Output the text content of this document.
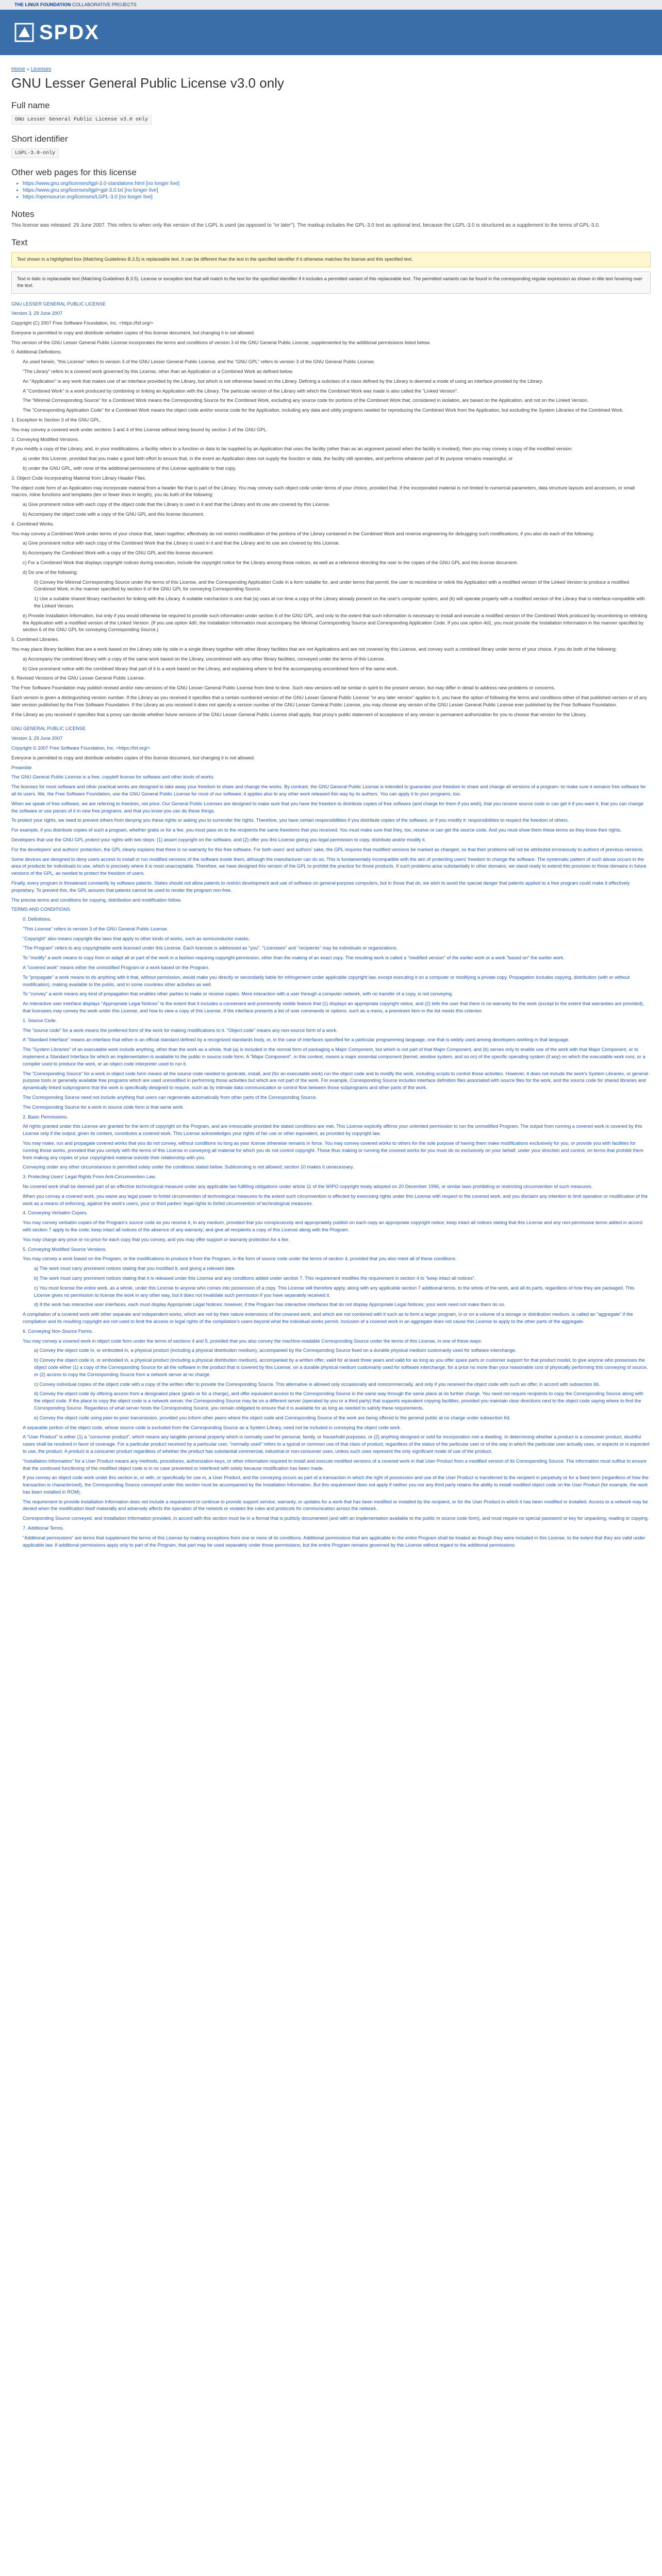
THE LINUX FOUNDATION COLLABORATIVE PROJECTS
SPDX
Home » Licenses
GNU Lesser General Public License v3.0 only
Full name
GNU Lesser General Public License v3.0 only
Short identifier
LGPL-3.0-only
Other web pages for this license
• https://www.gnu.org/licenses/lgpl-3.0-standalone.html [no longer live]
• https://www.gnu.org/licenses/lgpl+gpl-3.0.txt [no longer live]
• https://opensource.org/licenses/LGPL-3.0 [no longer live]
Notes
This license was released: 29 June 2007. This refers to when only this version of the LGPL is used (as opposed to "or later"). The markup includes the GPL-3.0 text as optional text, because the LGPL-3.0 is structured as a supplement to the terms of GPL-3.0.
Text
Text shown in a highlighted box (Matching Guidelines B.3.5) is replaceable text. It can be different than the text in the specified identifier if it otherwise matches the license and this specified text.
Text in italic is replaceable text (Matching Guidelines B.3.5). License or exception text that will match to the text for the specified identifier if it includes a permitted variant of this replaceable text. The permitted variants can be found in the corresponding regular expression as shown in title text hovering over the text.

GNU LESSER GENERAL PUBLIC LICENSE

Version 3, 29 June 2007

Copyright (C) 2007 Free Software Foundation, Inc. <https://fsf.org/>

Everyone is permitted to copy and distribute verbatim copies of this license document, but changing it is not allowed.

This version of the GNU Lesser General Public License incorporates the terms and conditions of version 3 of the GNU General Public License, supplemented by the additional permissions listed below.

0. Additional Definitions.

As used herein, "this License" refers to version 3 of the GNU Lesser General Public License, and the "GNU GPL" refers to version 3 of the GNU General Public License.

"The Library" refers to a covered work governed by this License, other than an Application or a Combined Work as defined below.

An "Application" is any work that makes use of an interface provided by the Library, but which is not otherwise based on the Library. Defining a subclass of a class defined by the Library is deemed a mode of using an interface provided by the Library.

A "Combined Work" is a work produced by combining or linking an Application with the Library. The particular version of the Library with which the Combined Work was made is also called the "Linked Version".

The "Minimal Corresponding Source" for a Combined Work means the Corresponding Source for the Combined Work, excluding any source code for portions of the Combined Work that, considered in isolation, are based on the Application, and not on the Linked Version.

The "Corresponding Application Code" for a Combined Work means the object code and/or source code for the Application, including any data and utility programs needed for reproducing the Combined Work from the Application, but excluding the System Libraries of the Combined Work.

1. Exception to Section 3 of the GNU GPL.

You may convey a covered work under sections 3 and 4 of this License without being bound by section 3 of the GNU GPL.

2. Conveying Modified Versions.

If you modify a copy of the Library, and, in your modifications, a facility refers to a function or data to be supplied by an Application that uses the facility (other than as an argument passed when the facility is invoked), then you may convey a copy of the modified version:

a) under this License, provided that you make a good faith effort to ensure that, in the event an Application does not supply the function or data, the facility still operates, and performs whatever part of its purpose remains meaningful, or

b) under the GNU GPL, with none of the additional permissions of this License applicable to that copy.

3. Object Code Incorporating Material from Library Header Files.

The object code form of an Application may incorporate material from a header file that is part of the Library. You may convey such object code under terms of your choice, provided that, if the incorporated material is not limited to numerical parameters, data structure layouts and accessors, or small macros, inline functions and templates (ten or fewer lines in length), you do both of the following:

a) Give prominent notice with each copy of the object code that the Library is used in it and that the Library and its use are covered by this License.

b) Accompany the object code with a copy of the GNU GPL and this license document.

4. Combined Works.

You may convey a Combined Work under terms of your choice that, taken together, effectively do not restrict modification of the portions of the Library contained in the Combined Work and reverse engineering for debugging such modifications, if you also do each of the following:

a) Give prominent notice with each copy of the Combined Work that the Library is used in it and that the Library and its use are covered by this License.

b) Accompany the Combined Work with a copy of the GNU GPL and this license document.

c) For a Combined Work that displays copyright notices during execution, include the copyright notice for the Library among these notices, as well as a reference directing the user to the copies of the GNU GPL and this license document.

d) Do one of the following:

0) Convey the Minimal Corresponding Source under the terms of this License, and the Corresponding Application Code in a form suitable for, and under terms that permit, the user to recombine or relink the Application with a modified version of the Linked Version to produce a modified Combined Work, in the manner specified by section 6 of the GNU GPL for conveying Corresponding Source.

1) Use a suitable shared library mechanism for linking with the Library. A suitable mechanism is one that (a) uses at run time a copy of the Library already present on the user's computer system, and (b) will operate properly with a modified version of the Library that is interface-compatible with the Linked Version.

e) Provide Installation Information, but only if you would otherwise be required to provide such information under section 6 of the GNU GPL, and only to the extent that such information is necessary to install and execute a modified version of the Combined Work produced by recombining or relinking the Application with a modified version of the Linked Version. (If you use option 4d0, the Installation Information must accompany the Minimal Corresponding Source and Corresponding Application Code. If you use option 4d1, you must provide the Installation Information in the manner specified by section 6 of the GNU GPL for conveying Corresponding Source.)

5. Combined Libraries.

You may place library facilities that are a work based on the Library side by side in a single library together with other library facilities that are not Applications and are not covered by this License, and convey such a combined library under terms of your choice, if you do both of the following:

a) Accompany the combined library with a copy of the same work based on the Library, uncombined with any other library facilities, conveyed under the terms of this License.

b) Give prominent notice with the combined library that part of it is a work based on the Library, and explaining where to find the accompanying uncombined form of the same work.

6. Revised Versions of the GNU Lesser General Public License.

The Free Software Foundation may publish revised and/or new versions of the GNU Lesser General Public License from time to time. Such new versions will be similar in spirit to the present version, but may differ in detail to address new problems or concerns.

Each version is given a distinguishing version number. If the Library as you received it specifies that a certain numbered version of the GNU Lesser General Public License "or any later version" applies to it, you have the option of following the terms and conditions either of that published version or of any later version published by the Free Software Foundation. If the Library as you received it does not specify a version number of the GNU Lesser General Public License, you may choose any version of the GNU Lesser General Public License ever published by the Free Software Foundation.

If the Library as you received it specifies that a proxy can decide whether future versions of the GNU Lesser General Public License shall apply, that proxy's public statement of acceptance of any version is permanent authorization for you to choose that version for the Library.

GNU GENERAL PUBLIC LICENSE

Version 3, 29 June 2007

Copyright © 2007 Free Software Foundation, Inc. <https://fsf.org/>

Everyone is permitted to copy and distribute verbatim copies of this license document, but changing it is not allowed.

Preamble

The GNU General Public License is a free, copyleft license for software and other kinds of works.

The licenses for most software and other practical works are designed to take away your freedom to share and change the works. By contrast, the GNU General Public License is intended to guarantee your freedom to share and change all versions of a program--to make sure it remains free software for all its users. We, the Free Software Foundation, use the GNU General Public License for most of our software; it applies also to any other work released this way by its authors. You can apply it to your programs, too.

When we speak of free software, we are referring to freedom, not price. Our General Public Licenses are designed to make sure that you have the freedom to distribute copies of free software (and charge for them if you wish), that you receive source code or can get it if you want it, that you can change the software or use pieces of it in new free programs, and that you know you can do these things.

To protect your rights, we need to prevent others from denying you these rights or asking you to surrender the rights. Therefore, you have certain responsibilities if you distribute copies of the software, or if you modify it: responsibilities to respect the freedom of others.

For example, if you distribute copies of such a program, whether gratis or for a fee, you must pass on to the recipients the same freedoms that you received. You must make sure that they, too, receive or can get the source code. And you must show them these terms so they know their rights.

Developers that use the GNU GPL protect your rights with two steps: (1) assert copyright on the software, and (2) offer you this License giving you legal permission to copy, distribute and/or modify it.

For the developers' and authors' protection, the GPL clearly explains that there is no warranty for this free software. For both users' and authors' sake, the GPL requires that modified versions be marked as changed, so that their problems will not be attributed erroneously to authors of previous versions.

Some devices are designed to deny users access to install or run modified versions of the software inside them, although the manufacturer can do so. This is fundamentally incompatible with the aim of protecting users' freedom to change the software. The systematic pattern of such abuse occurs in the area of products for individuals to use, which is precisely where it is most unacceptable. Therefore, we have designed this version of the GPL to prohibit the practice for those products. If such problems arise substantially in other domains, we stand ready to extend this provision to those domains in future versions of the GPL, as needed to protect the freedom of users.

Finally, every program is threatened constantly by software patents. States should not allow patents to restrict development and use of software on general-purpose computers, but in those that do, we wish to avoid the special danger that patents applied to a free program could make it effectively proprietary. To prevent this, the GPL assures that patents cannot be used to render the program non-free.

The precise terms and conditions for copying, distribution and modification follow.

TERMS AND CONDITIONS

0. Definitions.

"This License" refers to version 3 of the GNU General Public License.

"Copyright" also means copyright-like laws that apply to other kinds of works, such as semiconductor masks.

"The Program" refers to any copyrightable work licensed under this License. Each licensee is addressed as "you". "Licensees" and "recipients" may be individuals or organizations.

To "modify" a work means to copy from or adapt all or part of the work in a fashion requiring copyright permission, other than the making of an exact copy. The resulting work is called a "modified version" of the earlier work or a work "based on" the earlier work.

A "covered work" means either the unmodified Program or a work based on the Program.

To "propagate" a work means to do anything with it that, without permission, would make you directly or secondarily liable for infringement under applicable copyright law, except executing it on a computer or modifying a private copy. Propagation includes copying, distribution (with or without modification), making available to the public, and in some countries other activities as well.

To "convey" a work means any kind of propagation that enables other parties to make or receive copies. Mere interaction with a user through a computer network, with no transfer of a copy, is not conveying.

An interactive user interface displays "Appropriate Legal Notices" to the extent that it includes a convenient and prominently visible feature that (1) displays an appropriate copyright notice, and (2) tells the user that there is no warranty for the work (except to the extent that warranties are provided), that licensees may convey the work under this License, and how to view a copy of this License. If the interface presents a list of user commands or options, such as a menu, a prominent item in the list meets this criterion.

1. Source Code.

The "source code" for a work means the preferred form of the work for making modifications to it. "Object code" means any non-source form of a work.

A "Standard Interface" means an interface that either is an official standard defined by a recognized standards body, or, in the case of interfaces specified for a particular programming language, one that is widely used among developers working in that language.

The "System Libraries" of an executable work include anything, other than the work as a whole, that (a) is included in the normal form of packaging a Major Component, but which is not part of that Major Component, and (b) serves only to enable use of the work with that Major Component, or to implement a Standard Interface for which an implementation is available to the public in source code form. A "Major Component", in this context, means a major essential component (kernel, window system, and so on) of the specific operating system (if any) on which the executable work runs, or a compiler used to produce the work, or an object code interpreter used to run it.

The "Corresponding Source" for a work in object code form means all the source code needed to generate, install, and (for an executable work) run the object code and to modify the work, including scripts to control those activities. However, it does not include the work's System Libraries, or general-purpose tools or generally available free programs which are used unmodified in performing those activities but which are not part of the work. For example, Corresponding Source includes interface definition files associated with source files for the work, and the source code for shared libraries and dynamically linked subprograms that the work is specifically designed to require, such as by intimate data communication or control flow between those subprograms and other parts of the work.

The Corresponding Source need not include anything that users can regenerate automatically from other parts of the Corresponding Source.

The Corresponding Source for a work in source code form is that same work.

2. Basic Permissions.

All rights granted under this License are granted for the term of copyright on the Program, and are irrevocable provided the stated conditions are met. This License explicitly affirms your unlimited permission to run the unmodified Program. The output from running a covered work is covered by this License only if the output, given its content, constitutes a covered work. This License acknowledges your rights of fair use or other equivalent, as provided by copyright law.

You may make, run and propagate covered works that you do not convey, without conditions so long as your license otherwise remains in force. You may convey covered works to others for the sole purpose of having them make modifications exclusively for you, or provide you with facilities for running those works, provided that you comply with the terms of this License in conveying all material for which you do not control copyright. Those thus making or running the covered works for you must do so exclusively on your behalf, under your direction and control, on terms that prohibit them from making any copies of your copyrighted material outside their relationship with you.

Conveying under any other circumstances is permitted solely under the conditions stated below. Sublicensing is not allowed; section 10 makes it unnecessary.

3. Protecting Users' Legal Rights From Anti-Circumvention Law.

No covered work shall be deemed part of an effective technological measure under any applicable law fulfilling obligations under article 11 of the WIPO copyright treaty adopted on 20 December 1996, or similar laws prohibiting or restricting circumvention of such measures.

When you convey a covered work, you waive any legal power to forbid circumvention of technological measures to the extent such circumvention is effected by exercising rights under this License with respect to the covered work, and you disclaim any intention to limit operation or modification of the work as a means of enforcing, against the work's users, your or third parties' legal rights to forbid circumvention of technological measures.

4. Conveying Verbatim Copies.

You may convey verbatim copies of the Program's source code as you receive it, in any medium, provided that you conspicuously and appropriately publish on each copy an appropriate copyright notice; keep intact all notices stating that this License and any non-permissive terms added in accord with section 7 apply to the code; keep intact all notices of the absence of any warranty; and give all recipients a copy of this License along with the Program.

You may charge any price or no price for each copy that you convey, and you may offer support or warranty protection for a fee.

5. Conveying Modified Source Versions.

You may convey a work based on the Program, or the modifications to produce it from the Program, in the form of source code under the terms of section 4, provided that you also meet all of these conditions:

a) The work must carry prominent notices stating that you modified it, and giving a relevant date.

b) The work must carry prominent notices stating that it is released under this License and any conditions added under section 7. This requirement modifies the requirement in section 4 to "keep intact all notices".

c) You must license the entire work, as a whole, under this License to anyone who comes into possession of a copy. This License will therefore apply, along with any applicable section 7 additional terms, to the whole of the work, and all its parts, regardless of how they are packaged. This License gives no permission to license the work in any other way, but it does not invalidate such permission if you have separately received it.

d) If the work has interactive user interfaces, each must display Appropriate Legal Notices; however, if the Program has interactive interfaces that do not display Appropriate Legal Notices, your work need not make them do so.

A compilation of a covered work with other separate and independent works, which are not by their nature extensions of the covered work, and which are not combined with it such as to form a larger program, in or on a volume of a storage or distribution medium, is called an "aggregate" if the compilation and its resulting copyright are not used to limit the access or legal rights of the compilation's users beyond what the individual works permit. Inclusion of a covered work in an aggregate does not cause this License to apply to the other parts of the aggregate.

6. Conveying Non-Source Forms.

You may convey a covered work in object code form under the terms of sections 4 and 5, provided that you also convey the machine-readable Corresponding Source under the terms of this License, in one of these ways:

a) Convey the object code in, or embodied in, a physical product (including a physical distribution medium), accompanied by the Corresponding Source fixed on a durable physical medium customarily used for software interchange.

b) Convey the object code in, or embodied in, a physical product (including a physical distribution medium), accompanied by a written offer, valid for at least three years and valid for as long as you offer spare parts or customer support for that product model, to give anyone who possesses the object code either (1) a copy of the Corresponding Source for all the software in the product that is covered by this License, on a durable physical medium customarily used for software interchange, for a price no more than your reasonable cost of physically performing this conveying of source, or (2) access to copy the Corresponding Source from a network server at no charge.

c) Convey individual copies of the object code with a copy of the written offer to provide the Corresponding Source. This alternative is allowed only occasionally and noncommercially, and only if you received the object code with such an offer, in accord with subsection 6b.

d) Convey the object code by offering access from a designated place (gratis or for a charge), and offer equivalent access to the Corresponding Source in the same way through the same place at no further charge. You need not require recipients to copy the Corresponding Source along with the object code. If the place to copy the object code is a network server, the Corresponding Source may be on a different server (operated by you or a third party) that supports equivalent copying facilities, provided you maintain clear directions next to the object code saying where to find the Corresponding Source. Regardless of what server hosts the Corresponding Source, you remain obligated to ensure that it is available for as long as needed to satisfy these requirements.

e) Convey the object code using peer-to-peer transmission, provided you inform other peers where the object code and Corresponding Source of the work are being offered to the general public at no charge under subsection 6d.

A separable portion of the object code, whose source code is excluded from the Corresponding Source as a System Library, need not be included in conveying the object code work.

A "User Product" is either (1) a "consumer product", which means any tangible personal property which is normally used for personal, family, or household purposes, or (2) anything designed or sold for incorporation into a dwelling. In determining whether a product is a consumer product, doubtful cases shall be resolved in favor of coverage. For a particular product received by a particular user, "normally used" refers to a typical or common use of that class of product, regardless of the status of the particular user or of the way in which the particular user actually uses, or expects or is expected to use, the product. A product is a consumer product regardless of whether the product has substantial commercial, industrial or non-consumer uses, unless such uses represent the only significant mode of use of the product.

"Installation Information" for a User Product means any methods, procedures, authorization keys, or other information required to install and execute modified versions of a covered work in that User Product from a modified version of its Corresponding Source. The information must suffice to ensure that the continued functioning of the modified object code is in no case prevented or interfered with solely because modification has been made.

If you convey an object code work under this section in, or with, or specifically for use in, a User Product, and the conveying occurs as part of a transaction in which the right of possession and use of the User Product is transferred to the recipient in perpetuity or for a fixed term (regardless of how the transaction is characterized), the Corresponding Source conveyed under this section must be accompanied by the Installation Information. But this requirement does not apply if neither you nor any third party retains the ability to install modified object code on the User Product (for example, the work has been installed in ROM).

The requirement to provide Installation Information does not include a requirement to continue to provide support service, warranty, or updates for a work that has been modified or installed by the recipient, or for the User Product in which it has been modified or installed. Access to a network may be denied when the modification itself materially and adversely affects the operation of the network or violates the rules and protocols for communication across the network.

Corresponding Source conveyed, and Installation Information provided, in accord with this section must be in a format that is publicly documented (and with an implementation available to the public in source code form), and must require no special password or key for unpacking, reading or copying.

7. Additional Terms.

"Additional permissions" are terms that supplement the terms of this License by making exceptions from one or more of its conditions. Additional permissions that are applicable to the entire Program shall be treated as though they were included in this License, to the extent that they are valid under applicable law. If additional permissions apply only to part of the Program, that part may be used separately under those permissions, but the entire Program remains governed by this License without regard to the additional permissions.
